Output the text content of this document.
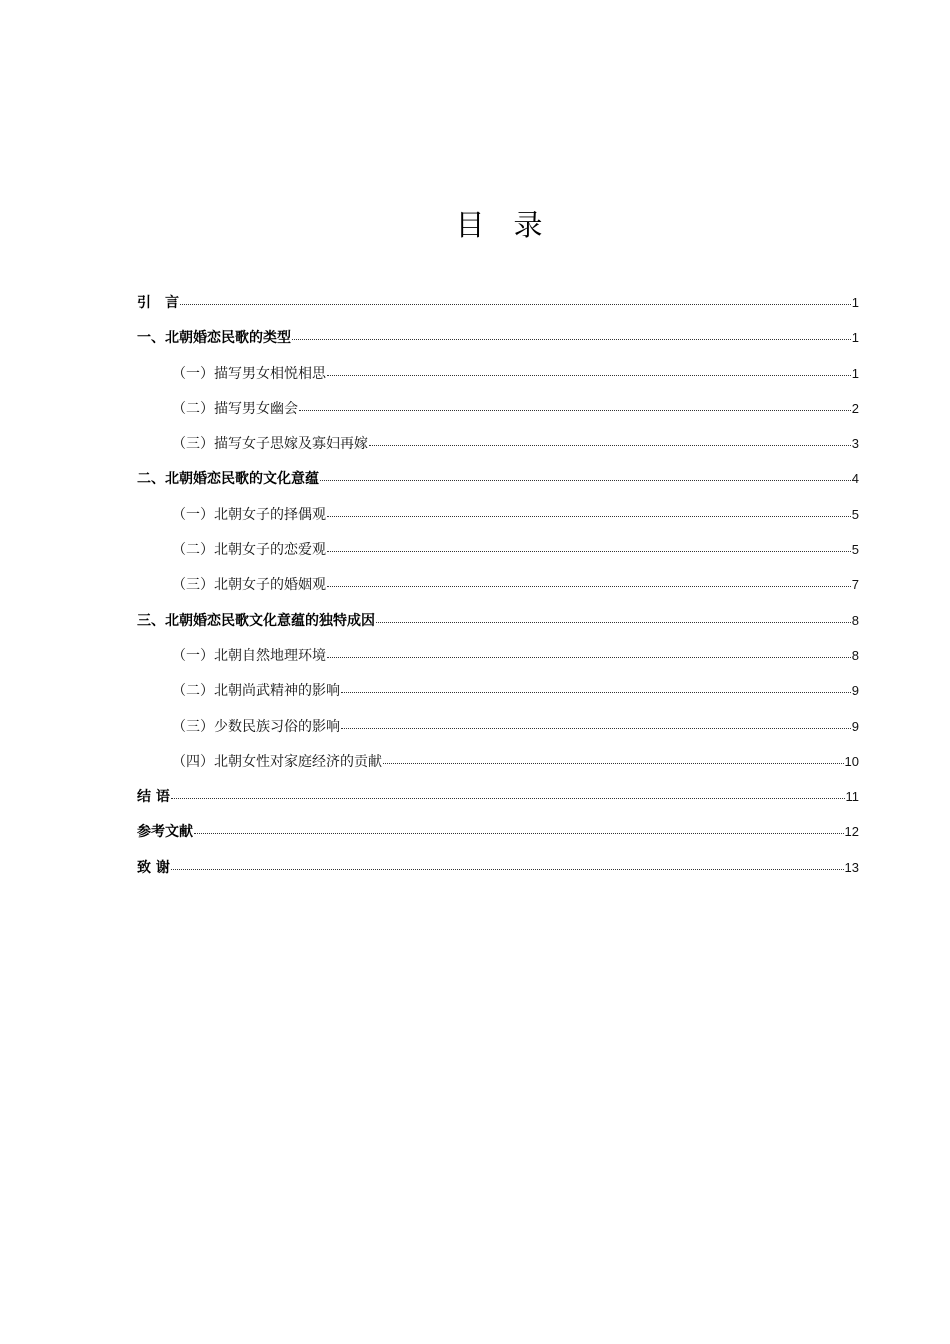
目　录
引　言	1
一、北朝婚恋民歌的类型	1
（一）描写男女相悦相思	1
（二）描写男女幽会	2
（三）描写女子思嫁及寡妇再嫁	3
二、北朝婚恋民歌的文化意蕴	4
（一）北朝女子的择偶观	5
（二）北朝女子的恋爱观	5
（三）北朝女子的婚姻观	7
三、北朝婚恋民歌文化意蕴的独特成因	8
（一）北朝自然地理环境	8
（二）北朝尚武精神的影响	9
（三）少数民族习俗的影响	9
（四）北朝女性对家庭经济的贡献	10
结 语	11
参考文献	12
致 谢	13
